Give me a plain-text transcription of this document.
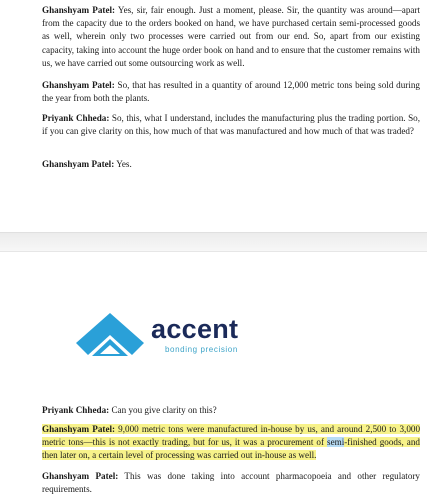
Ghanshyam Patel: Yes, sir, fair enough. Just a moment, please. Sir, the quantity was around—apart from the capacity due to the orders booked on hand, we have purchased certain semi-processed goods as well, wherein only two processes were carried out from our end. So, apart from our existing capacity, taking into account the huge order book on hand and to ensure that the customer remains with us, we have carried out some outsourcing work as well.

Ghanshyam Patel: So, that has resulted in a quantity of around 12,000 metric tons being sold during the year from both the plants.

Priyank Chheda: So, this, what I understand, includes the manufacturing plus the trading portion. So, if you can give clarity on this, how much of that was manufactured and how much of that was traded?

Ghanshyam Patel: Yes.

accent
bonding precision

Priyank Chheda: Can you give clarity on this?

Ghanshyam Patel: 9,000 metric tons were manufactured in-house by us, and around 2,500 to 3,000 metric tons—this is not exactly trading, but for us, it was a procurement of semi-finished goods, and then later on, a certain level of processing was carried out in-house as well.

Ghanshyam Patel: This was done taking into account pharmacopoeia and other regulatory requirements.
